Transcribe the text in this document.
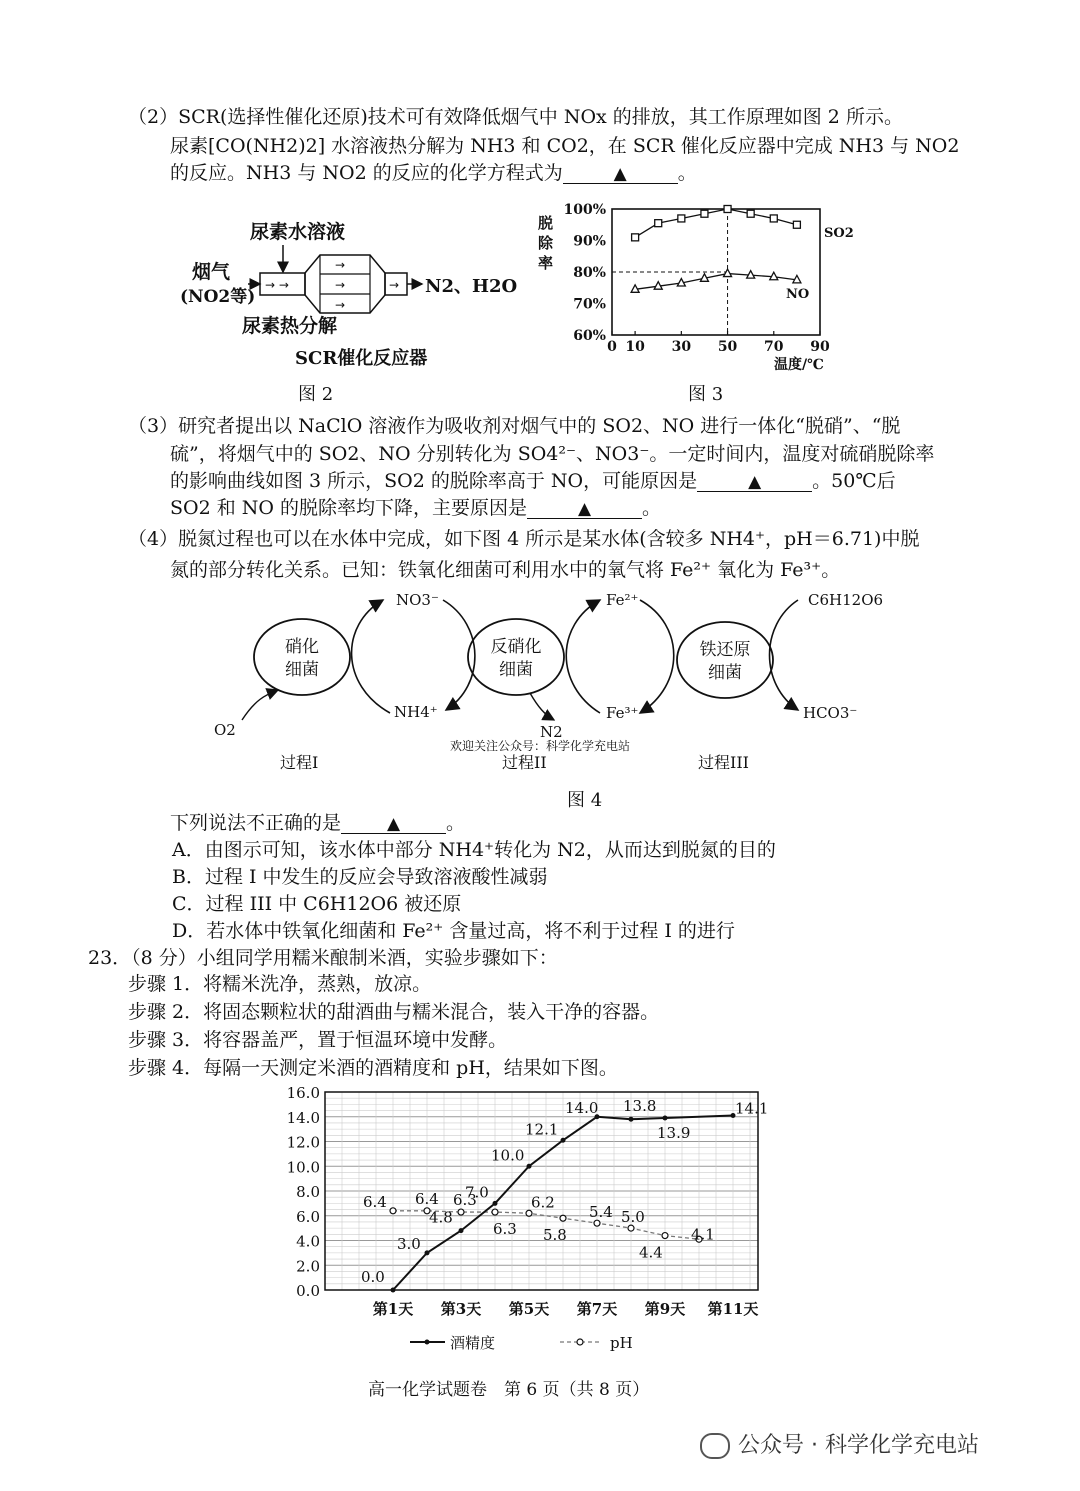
（2）SCR(选择性催化还原)技术可有效降低烟气中 NOx 的排放，其工作原理如图 2 所示。
尿素[CO(NH2)2] 水溶液热分解为 NH3 和 CO2，在 SCR 催化反应器中完成 NH3 与 NO2
的反应。NH3 与 NO2 的反应的化学方程式为	▲	。
尿素水溶液
烟气
(NO2等)
→ →
→
→
→
→ N2、H2O
尿素热分解
SCR催化反应器
图 2
100%
90%
80%
70%
60%
0 10 30 50 70 90
脱
除
率
温度/℃
SO2
NO
图 3
（3）研究者提出以 NaClO 溶液作为吸收剂对烟气中的 SO2、NO 进行一体化“脱硝”、“脱
硫”，将烟气中的 SO2、NO 分别转化为 SO4²⁻、NO3⁻。一定时间内，温度对硫硝脱除率
的影响曲线如图 3 所示，SO2 的脱除率高于 NO，可能原因是	▲	。50℃后
SO2 和 NO 的脱除率均下降，主要原因是	▲	。
（4）脱氮过程也可以在水体中完成，如下图 4 所示是某水体(含较多 NH4⁺，pH＝6.71)中脱
氮的部分转化关系。已知：铁氧化细菌可利用水中的氧气将 Fe²⁺ 氧化为 Fe³⁺。
硝化
细菌
反硝化
细菌
铁还原
细菌
NO3⁻
NH4⁺
O2	N2
Fe²⁺
Fe³⁺
C6H12O6
HCO3⁻
欢迎关注公众号：科学化学充电站
过程I	过程II	过程III
图 4
下列说法不正确的是	▲ 。
A．由图示可知，该水体中部分 NH4⁺转化为 N2，从而达到脱氮的目的
B．过程 I 中发生的反应会导致溶液酸性减弱
C．过程 III 中 C6H12O6 被还原
D．若水体中铁氧化细菌和 Fe²⁺ 含量过高，将不利于过程 I 的进行
23．（8 分）小组同学用糯米酿制米酒，实验步骤如下：
步骤 1．将糯米洗净，蒸熟，放凉。
步骤 2．将固态颗粒状的甜酒曲与糯米混合，装入干净的容器。
步骤 3．将容器盖严，置于恒温环境中发酵。
步骤 4．每隔一天测定米酒的酒精度和 pH，结果如下图。
0.0
2.0
4.0
6.0
8.0
10.0
12.0
14.0
16.0
第1天 第3天 第5天 第7天 第9天 第11天
0.0
3.0
4.8
7.0
10.0
12.1
14.0 13.8
13.9
14.1
6.4 6.4 6.3
6.3
6.2
5.8
5.4 5.0
4.4
4.1
酒精度	pH
高一化学试题卷　第 6 页（共 8 页）
公众号 · 科学化学充电站
